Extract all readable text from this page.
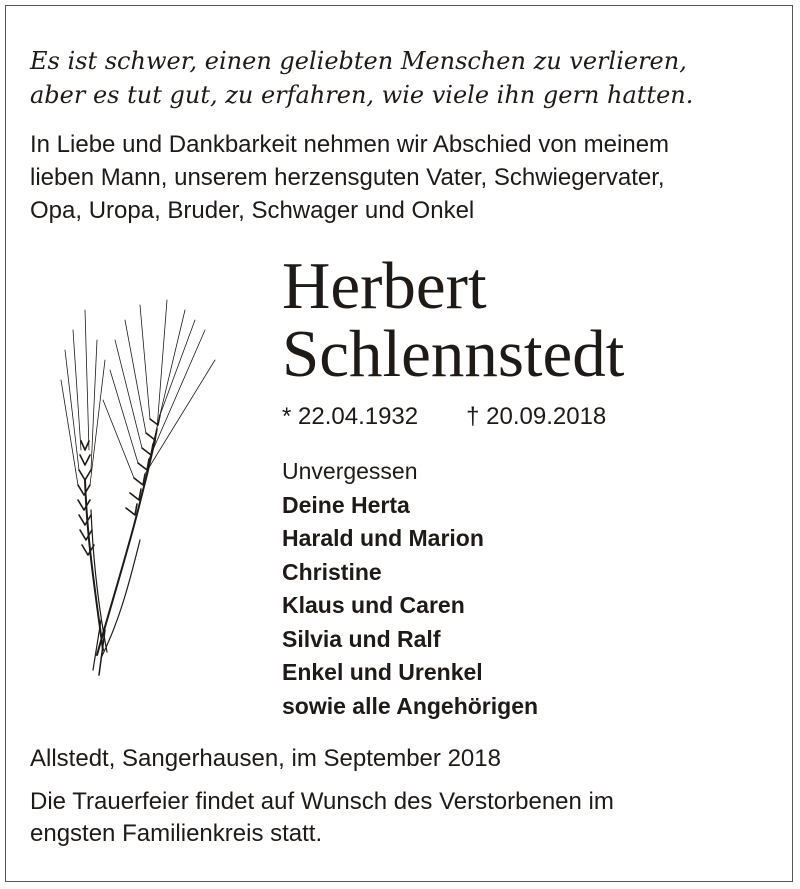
Es ist schwer, einen geliebten Menschen zu verlieren,
aber es tut gut, zu erfahren, wie viele ihn gern hatten.
In Liebe und Dankbarkeit nehmen wir Abschied von meinem
lieben Mann, unserem herzensguten Vater, Schwiegervater,
Opa, Uropa, Bruder, Schwager und Onkel
Herbert
Schlennstedt
* 22.04.1932 † 20.09.2018
Unvergessen
Deine Herta
Harald und Marion
Christine
Klaus und Caren
Silvia und Ralf
Enkel und Urenkel
sowie alle Angehörigen
Allstedt, Sangerhausen, im September 2018
Die Trauerfeier findet auf Wunsch des Verstorbenen im
engsten Familienkreis statt.
